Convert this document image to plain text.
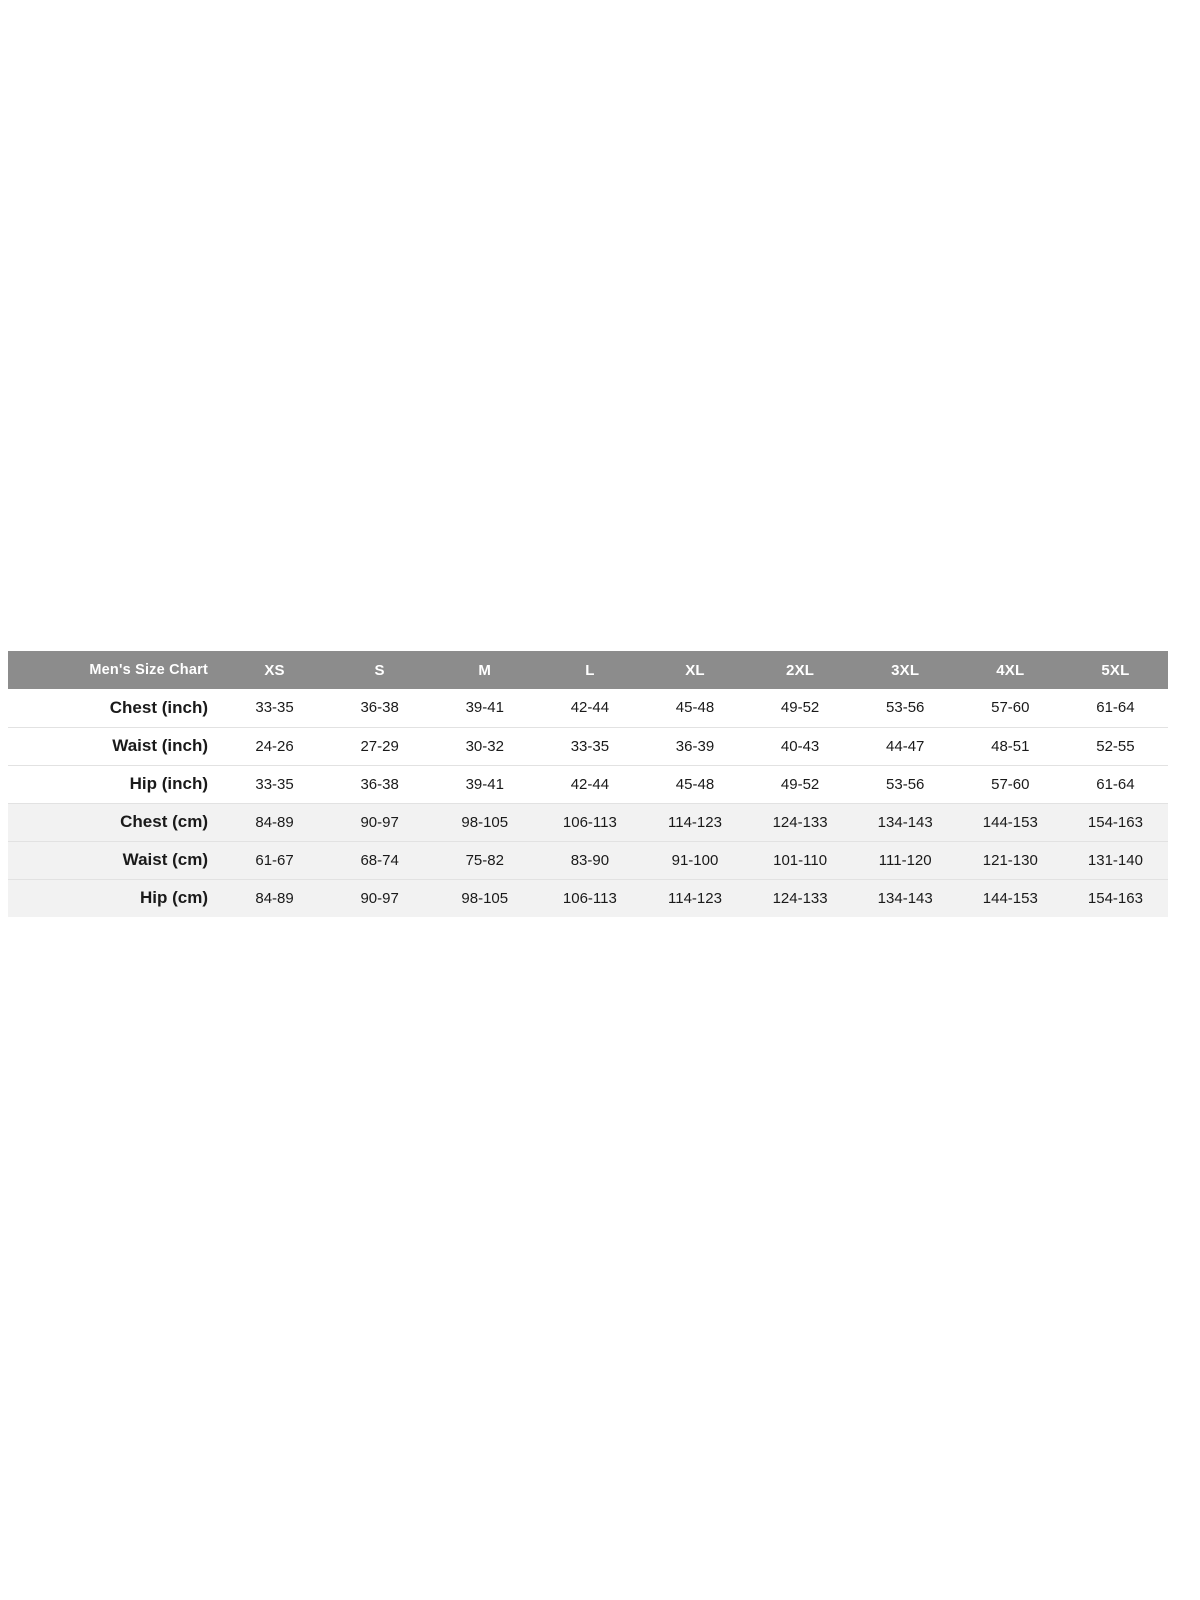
Men's Size Chart	XS	S	M	L	XL	2XL	3XL	4XL	5XL
Chest (inch)	33-35	36-38	39-41	42-44	45-48	49-52	53-56	57-60	61-64
Waist (inch)	24-26	27-29	30-32	33-35	36-39	40-43	44-47	48-51	52-55
Hip (inch)	33-35	36-38	39-41	42-44	45-48	49-52	53-56	57-60	61-64
Chest (cm)	84-89	90-97	98-105	106-113	114-123	124-133	134-143	144-153	154-163
Waist (cm)	61-67	68-74	75-82	83-90	91-100	101-110	111-120	121-130	131-140
Hip (cm)	84-89	90-97	98-105	106-113	114-123	124-133	134-143	144-153	154-163
